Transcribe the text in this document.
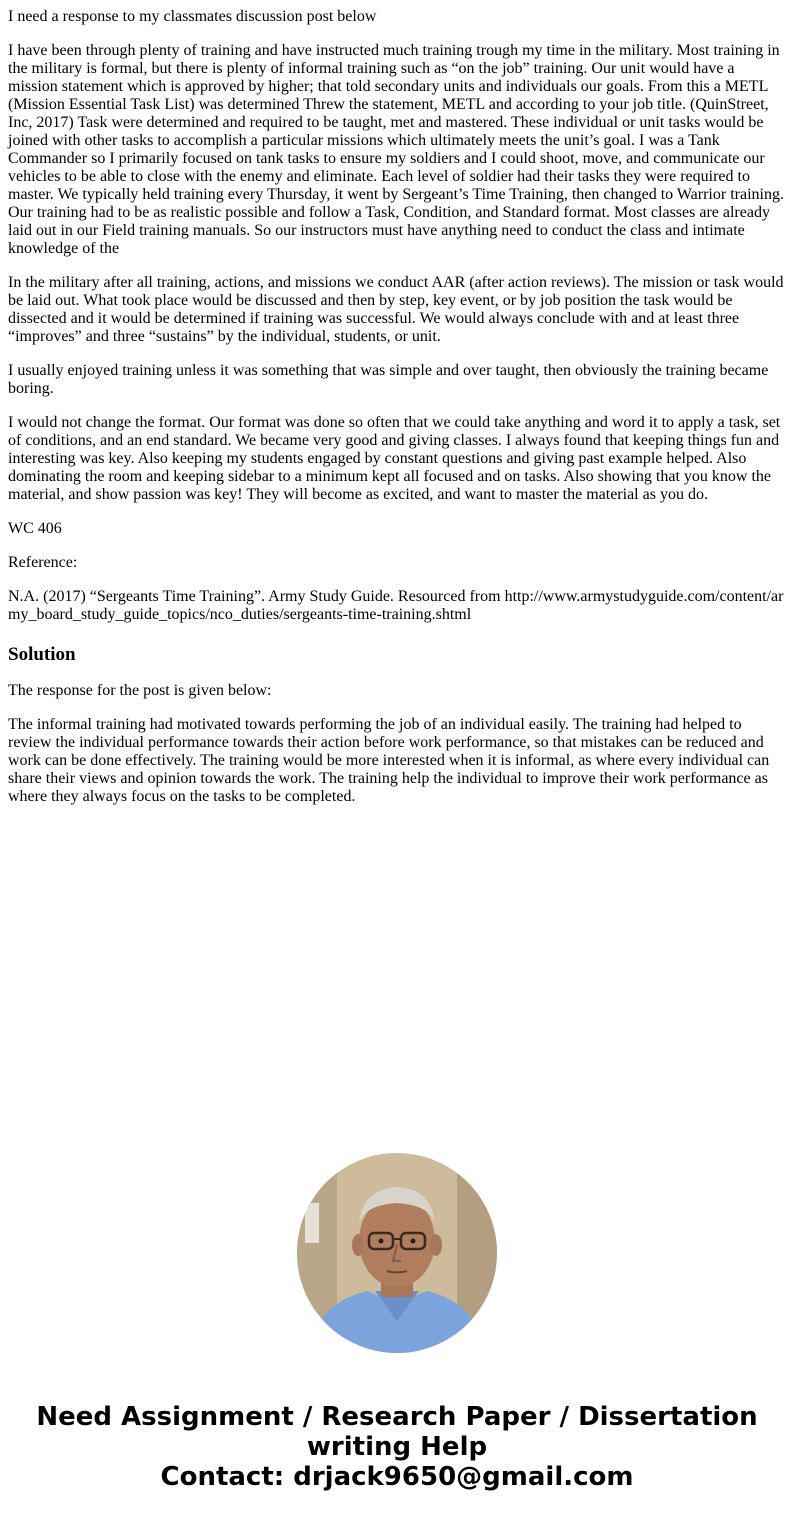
I need a response to my classmates discussion post below

I have been through plenty of training and have instructed much training trough my time in the military. Most training in the military is formal, but there is plenty of informal training such as “on the job” training. Our unit would have a mission statement which is approved by higher; that told secondary units and individuals our goals. From this a METL (Mission Essential Task List) was determined Threw the statement, METL and according to your job title. (QuinStreet, Inc, 2017) Task were determined and required to be taught, met and mastered. These individual or unit tasks would be joined with other tasks to accomplish a particular missions which ultimately meets the unit’s goal. I was a Tank Commander so I primarily focused on tank tasks to ensure my soldiers and I could shoot, move, and communicate our vehicles to be able to close with the enemy and eliminate. Each level of soldier had their tasks they were required to master. We typically held training every Thursday, it went by Sergeant’s Time Training, then changed to Warrior training. Our training had to be as realistic possible and follow a Task, Condition, and Standard format. Most classes are already laid out in our Field training manuals. So our instructors must have anything need to conduct the class and intimate knowledge of the

In the military after all training, actions, and missions we conduct AAR (after action reviews). The mission or task would be laid out. What took place would be discussed and then by step, key event, or by job position the task would be dissected and it would be determined if training was successful. We would always conclude with and at least three “improves” and three “sustains” by the individual, students, or unit.

I usually enjoyed training unless it was something that was simple and over taught, then obviously the training became boring.

I would not change the format. Our format was done so often that we could take anything and word it to apply a task, set of conditions, and an end standard. We became very good and giving classes. I always found that keeping things fun and interesting was key. Also keeping my students engaged by constant questions and giving past example helped. Also dominating the room and keeping sidebar to a minimum kept all focused and on tasks. Also showing that you know the material, and show passion was key! They will become as excited, and want to master the material as you do.

WC 406

Reference:

N.A. (2017) “Sergeants Time Training”. Army Study Guide. Resourced from http://www.armystudyguide.com/content/army_board_study_guide_topics/nco_duties/sergeants-time-training.shtml

Solution

The response for the post is given below:

The informal training had motivated towards performing the job of an individual easily. The training had helped to review the individual performance towards their action before work performance, so that mistakes can be reduced and work can be done effectively. The training would be more interested when it is informal, as where every individual can share their views and opinion towards the work. The training help the individual to improve their work performance as where they always focus on the tasks to be completed.

Need Assignment / Research Paper / Dissertation
writing Help
Contact: drjack9650@gmail.com
